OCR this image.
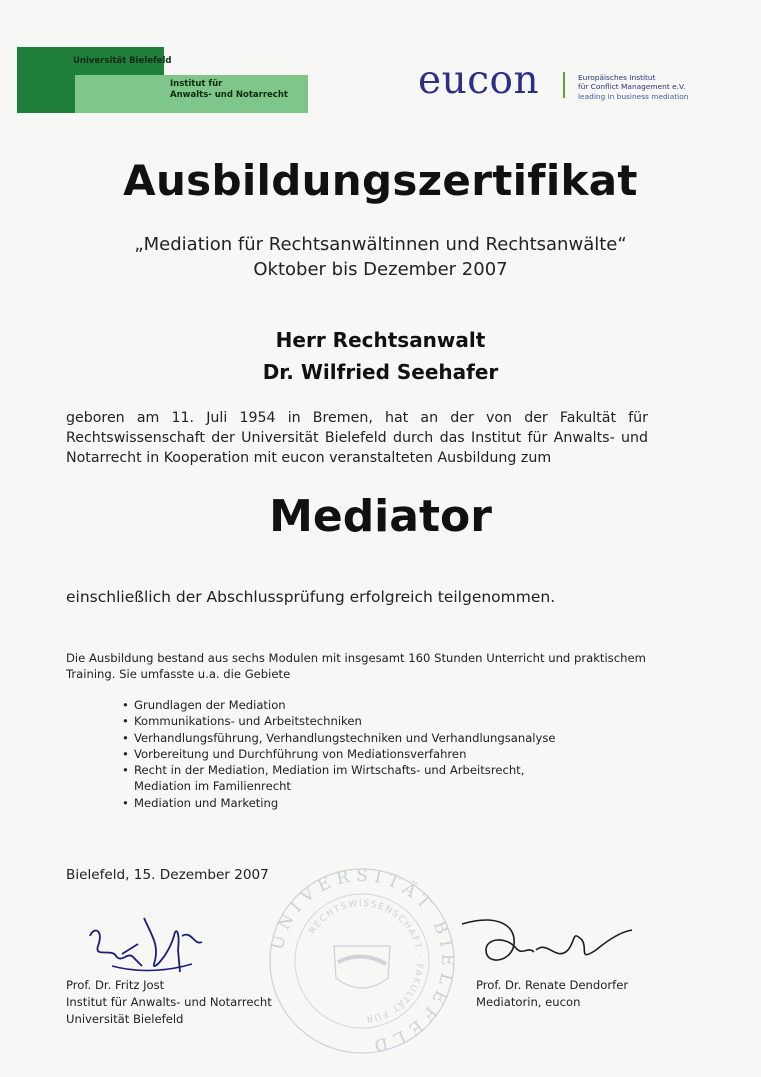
Universität Bielefeld
Institut für
Anwalts- und Notarrecht	eucon	Europäisches Institut
für Conflict Management e.V.
leading in business mediation
Ausbildungszertifikat
„Mediation für Rechtsanwältinnen und Rechtsanwälte“
Oktober bis Dezember 2007
Herr Rechtsanwalt
Dr. Wilfried Seehafer
geboren am 11. Juli 1954 in Bremen, hat an der von der Fakultät für
Rechtswissenschaft der Universität Bielefeld durch das Institut für Anwalts- und
Notarrecht in Kooperation mit eucon veranstalteten Ausbildung zum
Mediator
einschließlich der Abschlussprüfung erfolgreich teilgenommen.
Die Ausbildung bestand aus sechs Modulen mit insgesamt 160 Stunden Unterricht und praktischem
Training. Sie umfasste u.a. die Gebiete
• Grundlagen der Mediation
• Kommunikations- und Arbeitstechniken
• Verhandlungsführung, Verhandlungstechniken und Verhandlungsanalyse
• Vorbereitung und Durchführung von Mediationsverfahren
• Recht in der Mediation, Mediation im Wirtschafts- und Arbeitsrecht,
Mediation im Familienrecht
• Mediation und Marketing
Bielefeld, 15. Dezember 2007
UNIVERSITÄT BIELEFELD
RECHTSWISSENSCHAFT · FAKULTÄT FÜR
Prof. Dr. Fritz Jost
Institut für Anwalts- und Notarrecht
Universität Bielefeld
Prof. Dr. Renate Dendorfer
Mediatorin, eucon
